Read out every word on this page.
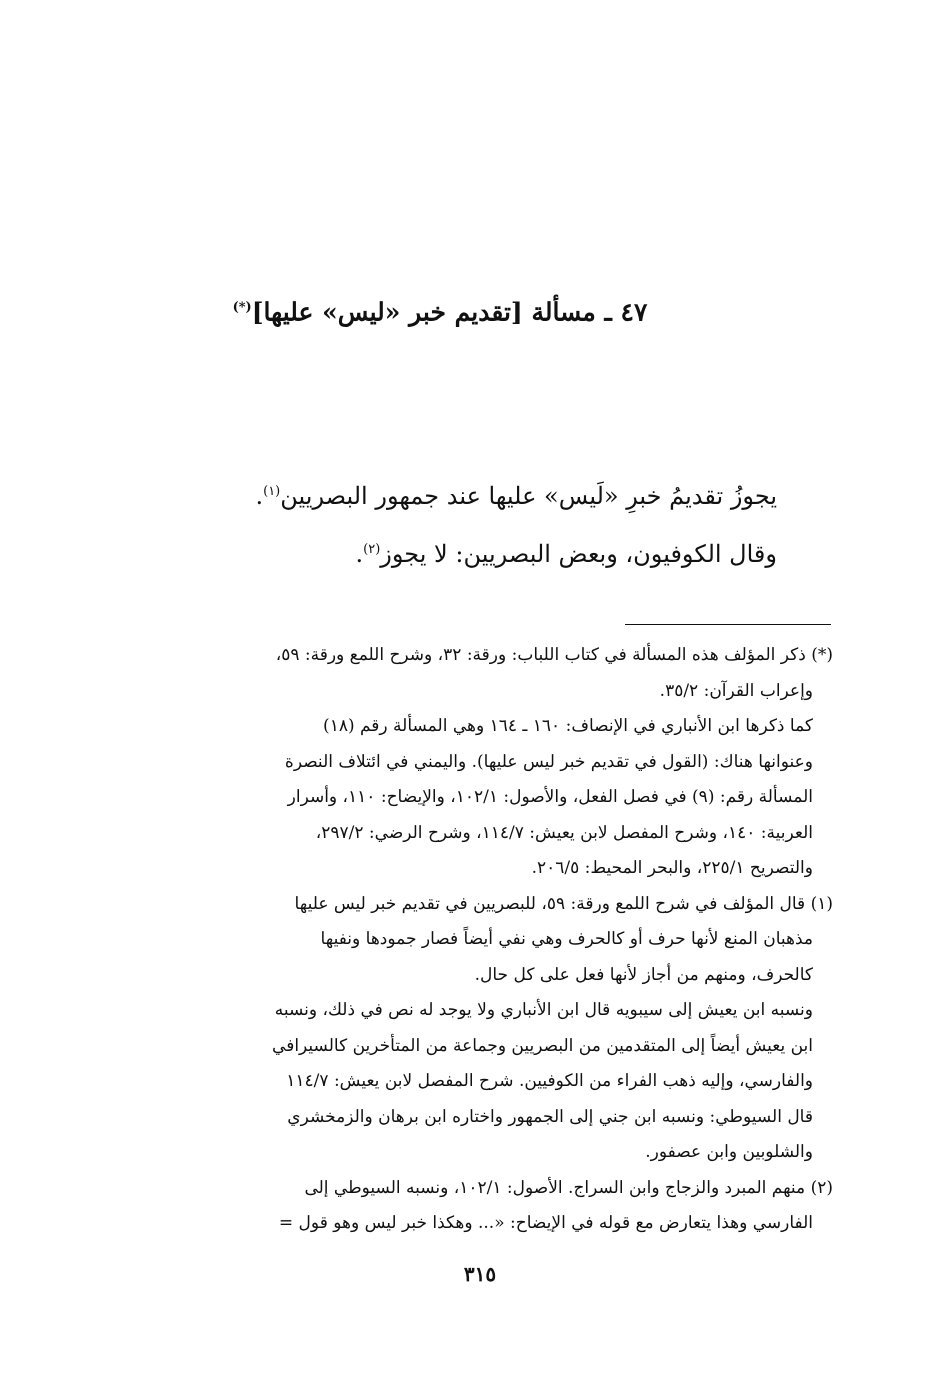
٤٧ ـ مسألة [تقديم خبر «ليس» عليها](*)
يجوزُ تقديمُ خبرِ «لَيس» عليها عند جمهور البصريين$^{(١)}$.
وقال الكوفيون، وبعض البصريين: لا يجوز$^{(٢)}$.
(*) ذكر المؤلف هذه المسألة في كتاب اللباب: ورقة: ٣٢، وشرح اللمع ورقة: ٥٩،
وإعراب القرآن: ٣٥/٢.
كما ذكرها ابن الأنباري في الإنصاف: ١٦٠ ـ ١٦٤ وهي المسألة رقم (١٨)
وعنوانها هناك: (القول في تقديم خبر ليس عليها). واليمني في ائتلاف النصرة
المسألة رقم: (٩) في فصل الفعل، والأصول: ١٠٢/١، والإيضاح: ١١٠، وأسرار
العربية: ١٤٠، وشرح المفصل لابن يعيش: ١١٤/٧، وشرح الرضي: ٢٩٧/٢،
والتصريح ٢٢٥/١، والبحر المحيط: ٢٠٦/٥.
(١) قال المؤلف في شرح اللمع ورقة: ٥٩، للبصريين في تقديم خبر ليس عليها
مذهبان المنع لأنها حرف أو كالحرف وهي نفي أيضاً فصار جمودها ونفيها
كالحرف، ومنهم من أجاز لأنها فعل على كل حال.
ونسبه ابن يعيش إلى سيبويه قال ابن الأنباري ولا يوجد له نص في ذلك، ونسبه
ابن يعيش أيضاً إلى المتقدمين من البصريين وجماعة من المتأخرين كالسيرافي
والفارسي، وإليه ذهب الفراء من الكوفيين. شرح المفصل لابن يعيش: ١١٤/٧
قال السيوطي: ونسبه ابن جني إلى الجمهور واختاره ابن برهان والزمخشري
والشلوبين وابن عصفور.
(٢) منهم المبرد والزجاج وابن السراج. الأصول: ١٠٢/١، ونسبه السيوطي إلى
الفارسي وهذا يتعارض مع قوله في الإيضاح: «... وهكذا خبر ليس وهو قول =
٣١٥
